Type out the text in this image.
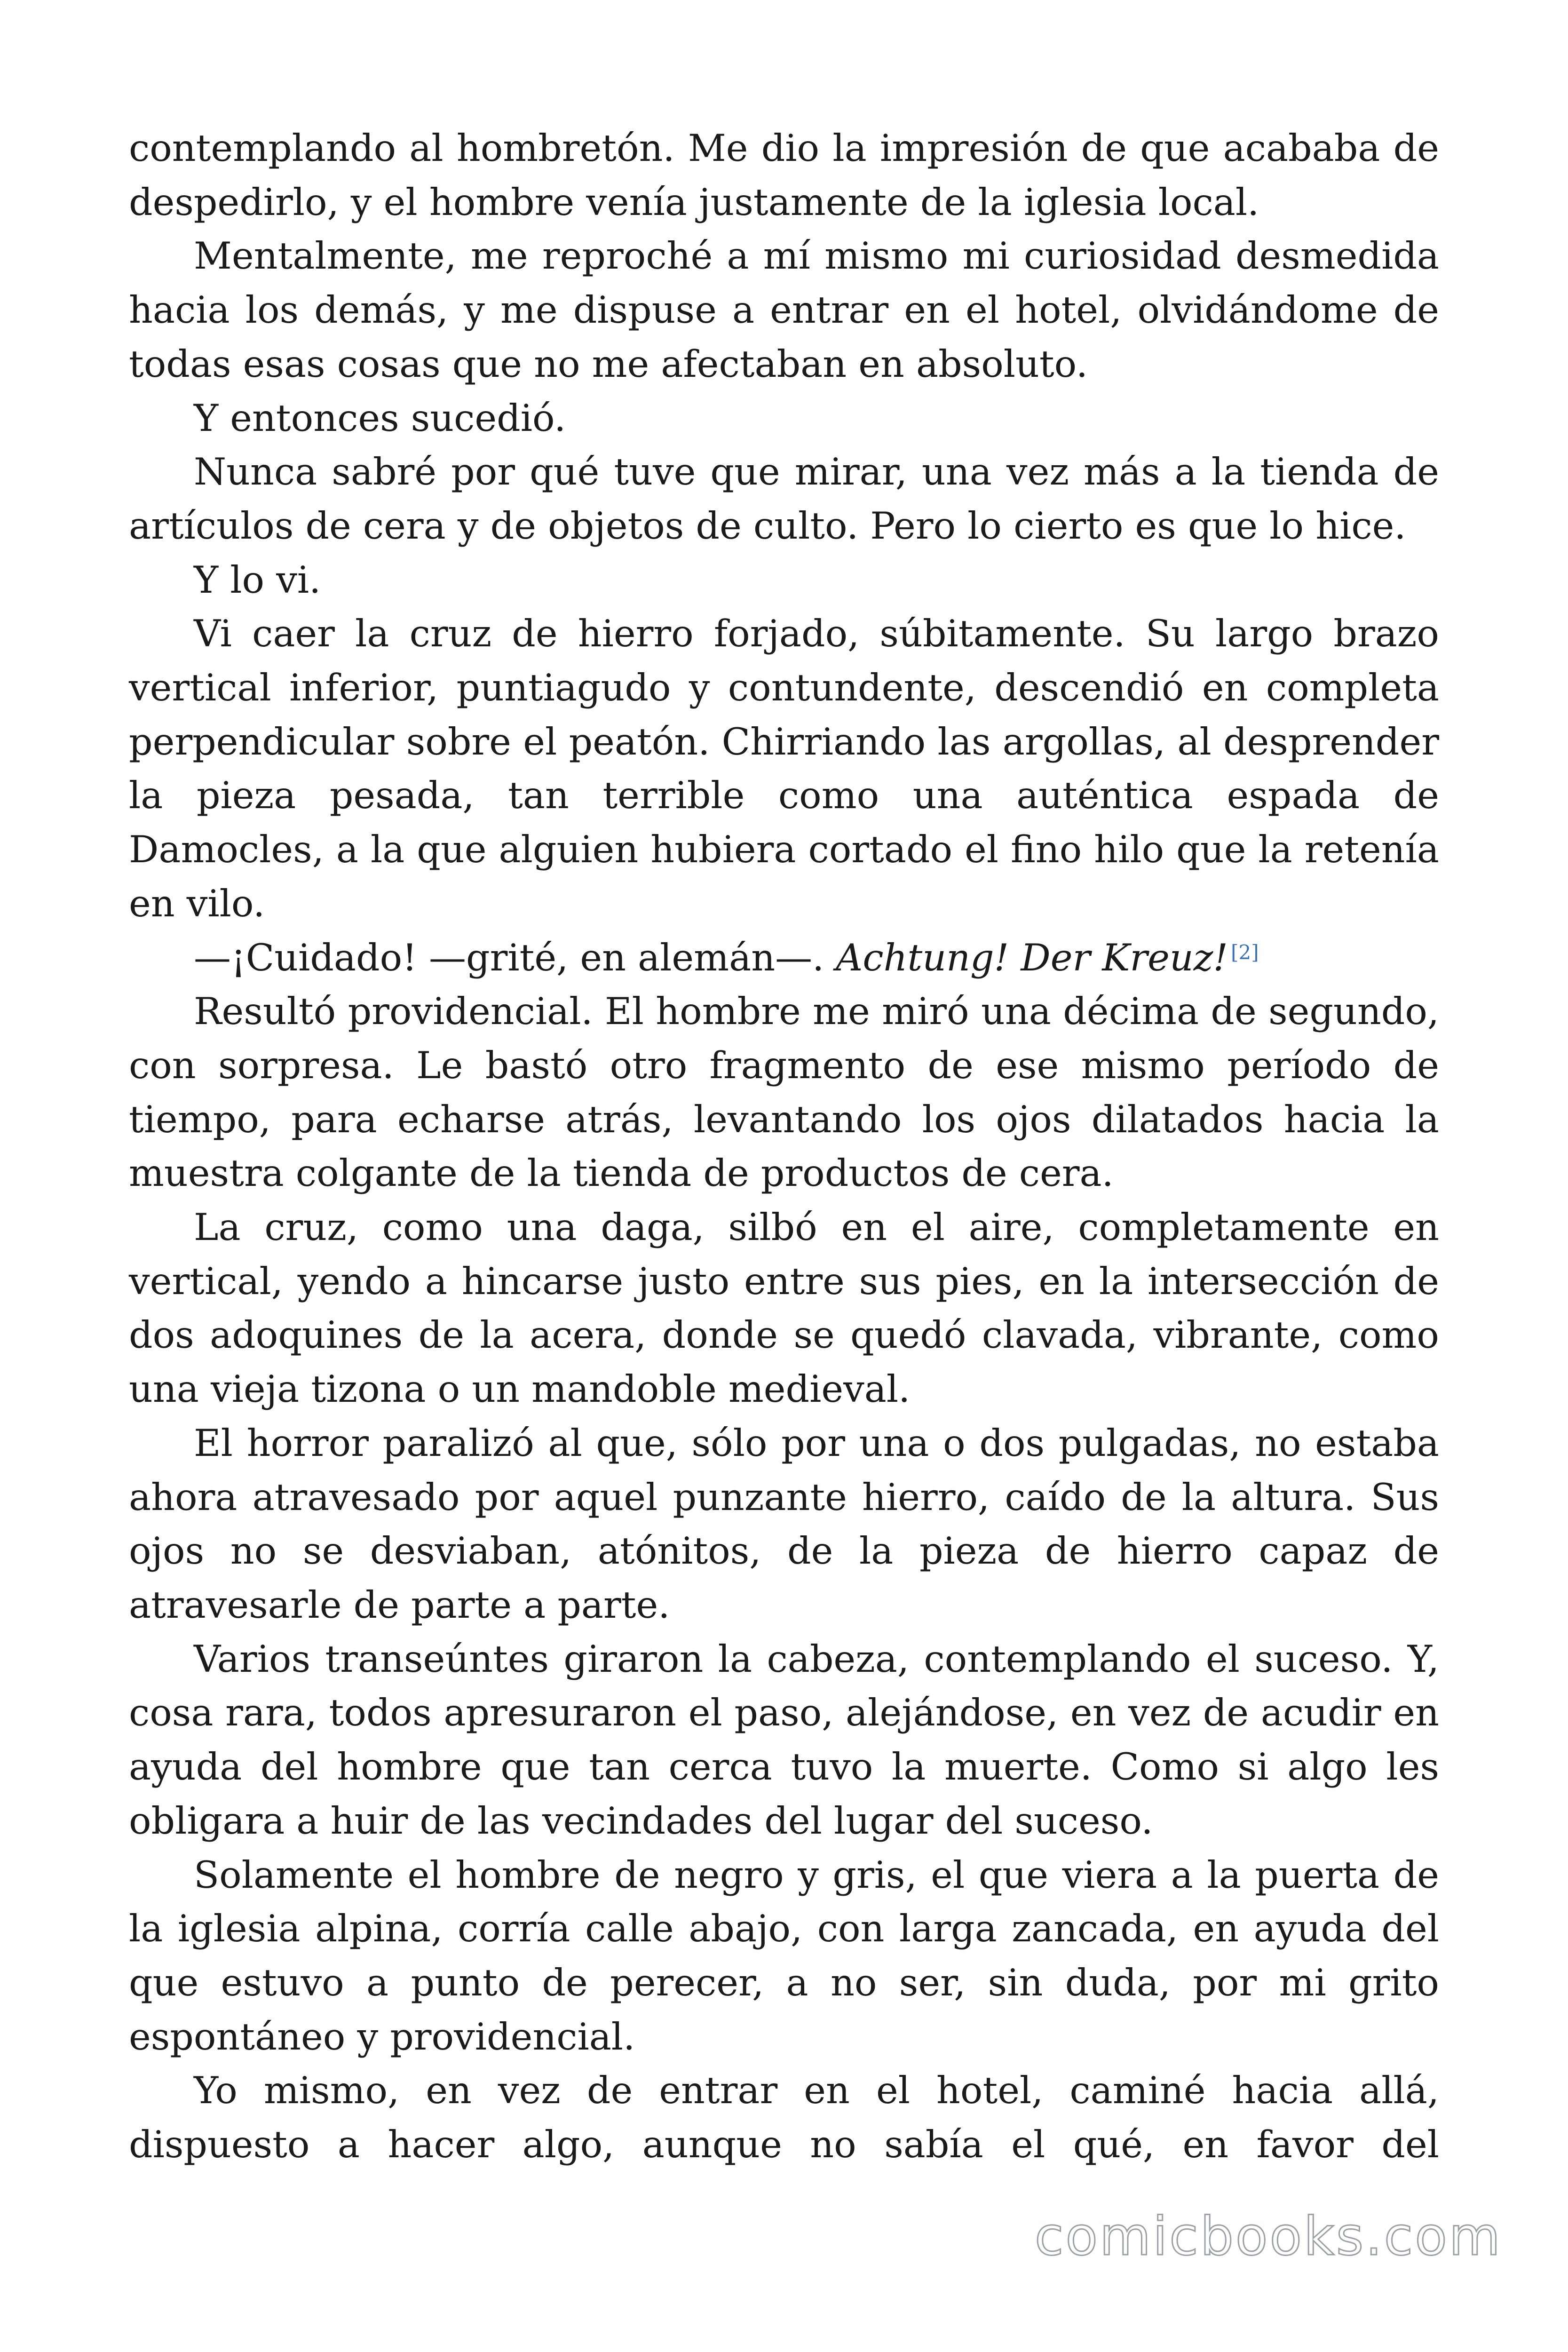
contemplando al hombretón. Me dio la impresión de que acababa de despedirlo, y el hombre venía justamente de la iglesia local.

Mentalmente, me reproché a mí mismo mi curiosidad desmedida hacia los demás, y me dispuse a entrar en el hotel, olvidándome de todas esas cosas que no me afectaban en absoluto.

Y entonces sucedió.

Nunca sabré por qué tuve que mirar, una vez más a la tienda de artículos de cera y de objetos de culto. Pero lo cierto es que lo hice.

Y lo vi.

Vi caer la cruz de hierro forjado, súbitamente. Su largo brazo vertical inferior, puntiagudo y contundente, descendió en completa perpendicular sobre el peatón. Chirriando las argollas, al desprender la pieza pesada, tan terrible como una auténtica espada de Damocles, a la que alguien hubiera cortado el fino hilo que la retenía en vilo.

—¡Cuidado! —grité, en alemán—. Achtung! Der Kreuz! [2]

Resultó providencial. El hombre me miró una décima de segundo, con sorpresa. Le bastó otro fragmento de ese mismo período de tiempo, para echarse atrás, levantando los ojos dilatados hacia la muestra colgante de la tienda de productos de cera.

La cruz, como una daga, silbó en el aire, completamente en vertical, yendo a hincarse justo entre sus pies, en la intersección de dos adoquines de la acera, donde se quedó clavada, vibrante, como una vieja tizona o un mandoble medieval.

El horror paralizó al que, sólo por una o dos pulgadas, no estaba ahora atravesado por aquel punzante hierro, caído de la altura. Sus ojos no se desviaban, atónitos, de la pieza de hierro capaz de atravesarle de parte a parte.

Varios transeúntes giraron la cabeza, contemplando el suceso. Y, cosa rara, todos apresuraron el paso, alejándose, en vez de acudir en ayuda del hombre que tan cerca tuvo la muerte. Como si algo les obligara a huir de las vecindades del lugar del suceso.

Solamente el hombre de negro y gris, el que viera a la puerta de la iglesia alpina, corría calle abajo, con larga zancada, en ayuda del que estuvo a punto de perecer, a no ser, sin duda, por mi grito espontáneo y providencial.

Yo mismo, en vez de entrar en el hotel, caminé hacia allá, dispuesto a hacer algo, aunque no sabía el qué, en favor del

comicbooks.com
